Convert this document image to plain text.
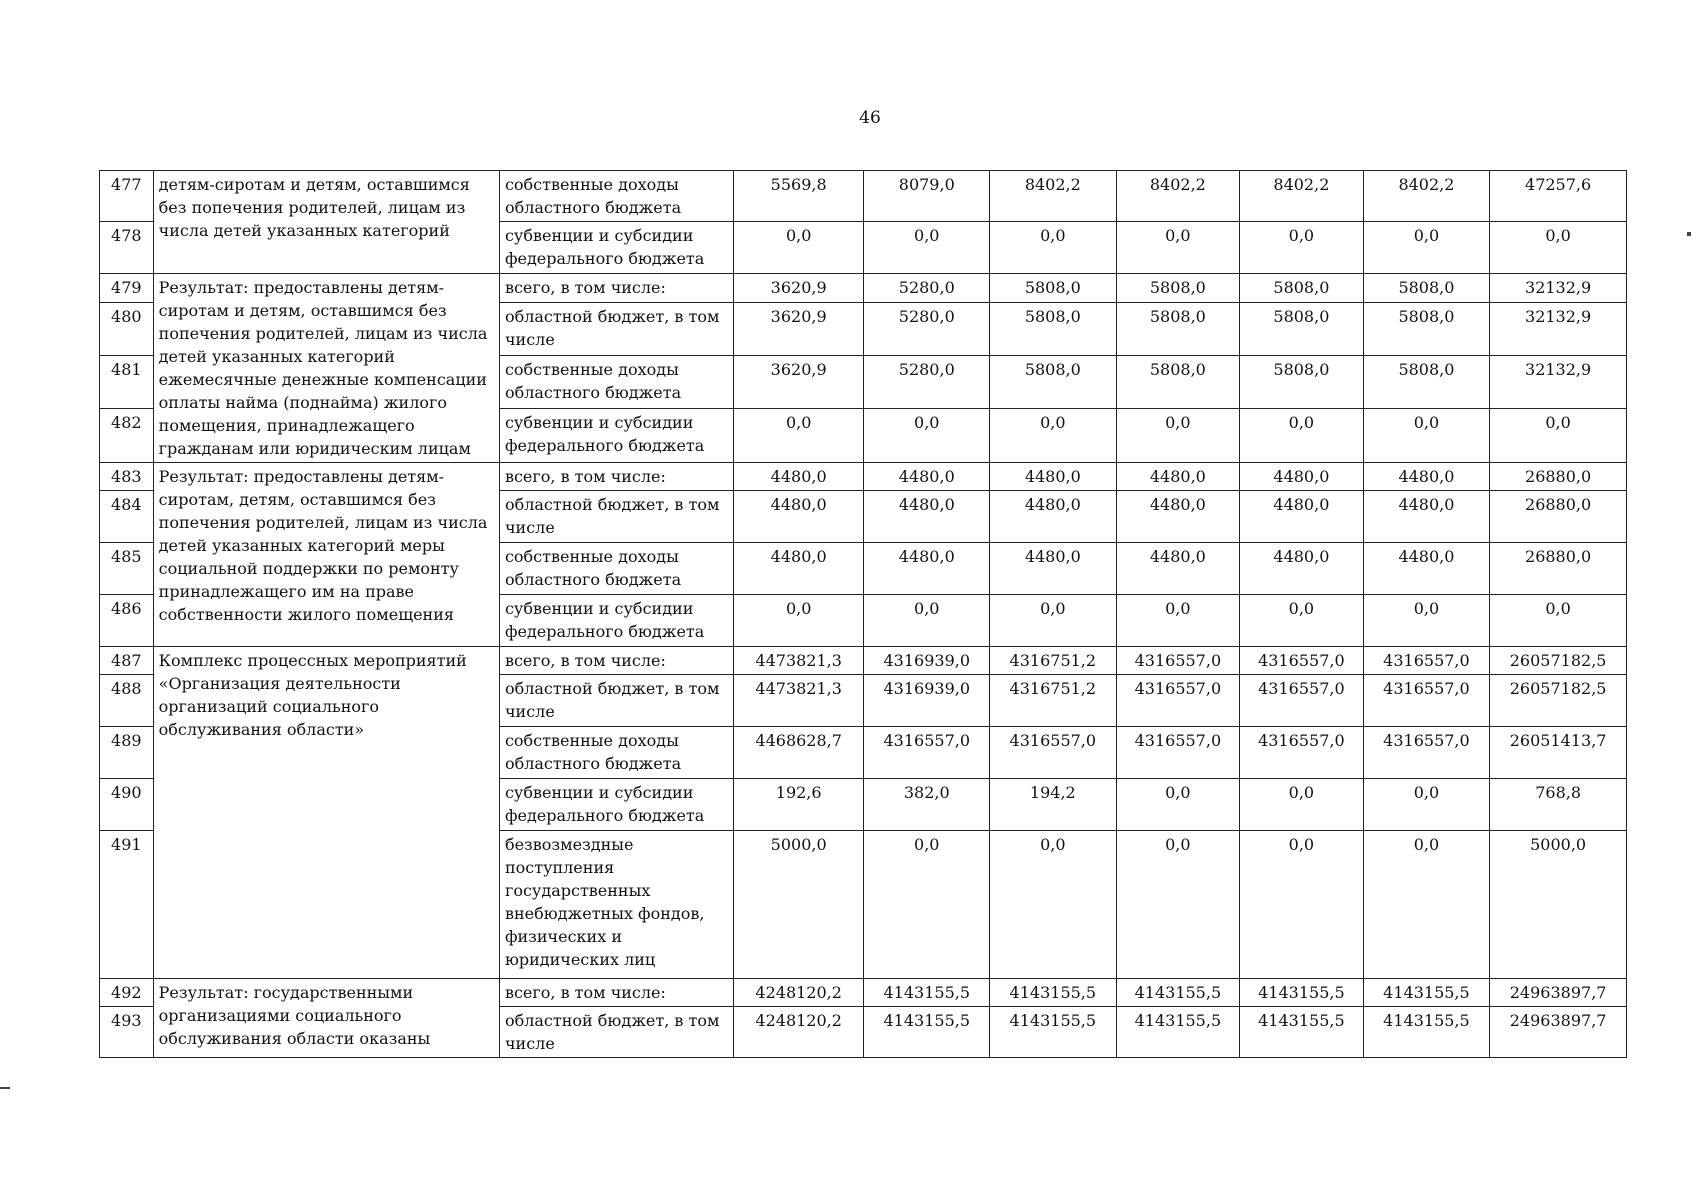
46
477	детям-сиротам и детям, оставшимся без попечения родителей, лицам из числа детей указанных категорий	собственные доходы областного бюджета	5569,8	8079,0	8402,2	8402,2	8402,2	8402,2	47257,6
478		субвенции и субсидии федерального бюджета	0,0	0,0	0,0	0,0	0,0	0,0	0,0
479	Результат: предоставлены детям-сиротам и детям, оставшимся без попечения родителей, лицам из числа детей указанных категорий ежемесячные денежные компенсации оплаты найма (поднайма) жилого помещения, принадлежащего гражданам или юридическим лицам	всего, в том числе:	3620,9	5280,0	5808,0	5808,0	5808,0	5808,0	32132,9
480		областной бюджет, в том числе	3620,9	5280,0	5808,0	5808,0	5808,0	5808,0	32132,9
481		собственные доходы областного бюджета	3620,9	5280,0	5808,0	5808,0	5808,0	5808,0	32132,9
482		субвенции и субсидии федерального бюджета	0,0	0,0	0,0	0,0	0,0	0,0	0,0
483	Результат: предоставлены детям-сиротам, детям, оставшимся без попечения родителей, лицам из числа детей указанных категорий меры социальной поддержки по ремонту принадлежащего им на праве собственности жилого помещения	всего, в том числе:	4480,0	4480,0	4480,0	4480,0	4480,0	4480,0	26880,0
484		областной бюджет, в том числе	4480,0	4480,0	4480,0	4480,0	4480,0	4480,0	26880,0
485		собственные доходы областного бюджета	4480,0	4480,0	4480,0	4480,0	4480,0	4480,0	26880,0
486		субвенции и субсидии федерального бюджета	0,0	0,0	0,0	0,0	0,0	0,0	0,0
487	Комплекс процессных мероприятий «Организация деятельности организаций социального обслуживания области»	всего, в том числе:	4473821,3	4316939,0	4316751,2	4316557,0	4316557,0	4316557,0	26057182,5
488		областной бюджет, в том числе	4473821,3	4316939,0	4316751,2	4316557,0	4316557,0	4316557,0	26057182,5
489		собственные доходы областного бюджета	4468628,7	4316557,0	4316557,0	4316557,0	4316557,0	4316557,0	26051413,7
490		субвенции и субсидии федерального бюджета	192,6	382,0	194,2	0,0	0,0	0,0	768,8
491		безвозмездные поступления государственных внебюджетных фондов, физических и юридических лиц	5000,0	0,0	0,0	0,0	0,0	0,0	5000,0
492	Результат: государственными организациями социального обслуживания области оказаны	всего, в том числе:	4248120,2	4143155,5	4143155,5	4143155,5	4143155,5	4143155,5	24963897,7
493		областной бюджет, в том числе	4248120,2	4143155,5	4143155,5	4143155,5	4143155,5	4143155,5	24963897,7
